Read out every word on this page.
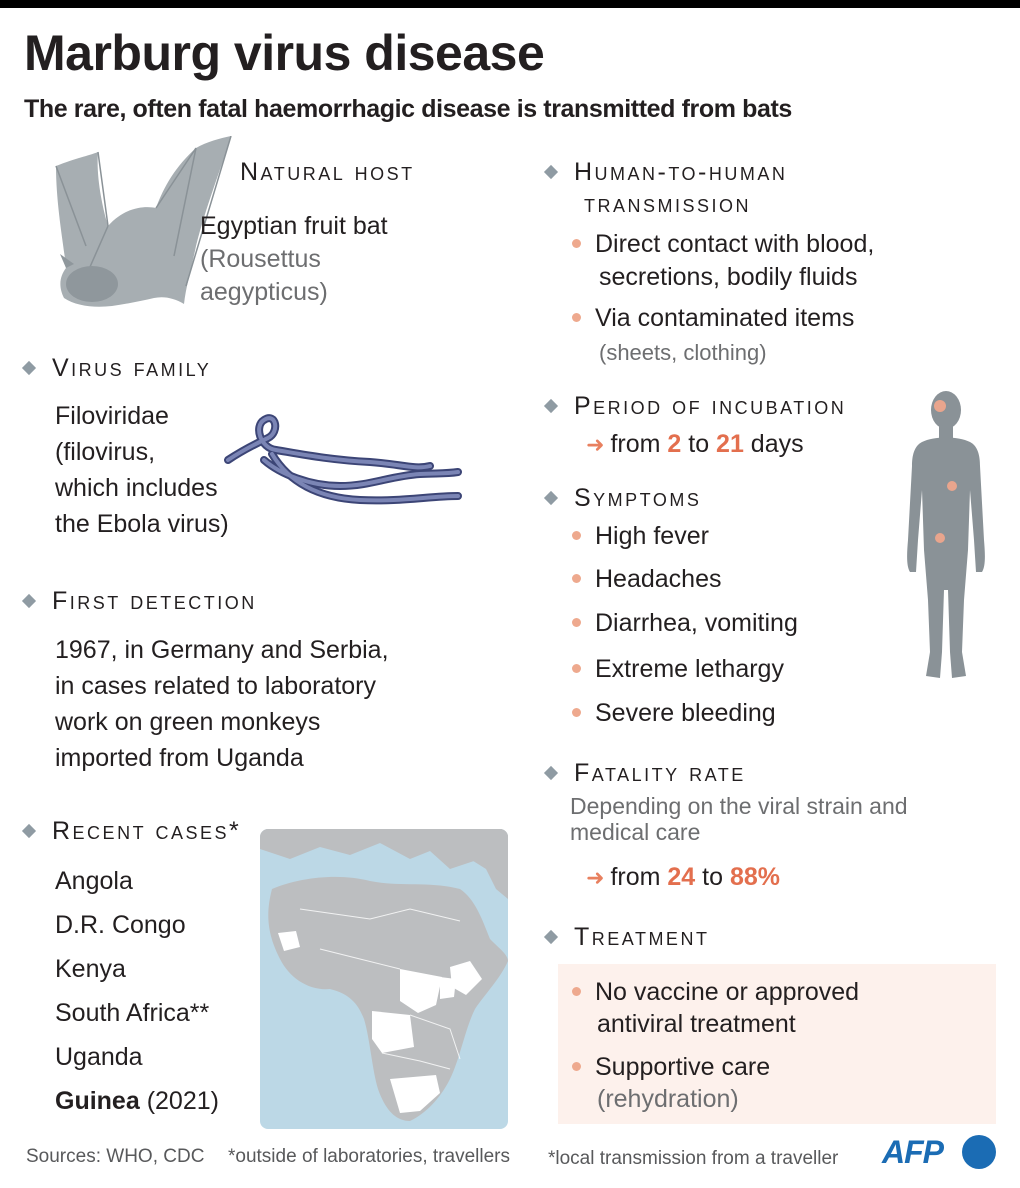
Marburg virus disease
The rare, often fatal haemorrhagic disease is transmitted from bats
Natural host
Egyptian fruit bat
(Rousettus
aegypticus)
Virus family
Filoviridae
(filovirus,
which includes
the Ebola virus)
First detection
1967, in Germany and Serbia,
in cases related to laboratory
work on green monkeys
imported from Uganda
Recent cases*
Angola
D.R. Congo
Kenya
South Africa**
Uganda
Guinea (2021)
Human-to-human
transmission
Direct contact with blood,
secretions, bodily fluids
Via contaminated items
(sheets, clothing)
Period of incubation
➜ from 2 to 21 days
Symptoms
High fever
Headaches
Diarrhea, vomiting
Extreme lethargy
Severe bleeding
Fatality rate
Depending on the viral strain and
medical care
➜ from 24 to 88%
Treatment
No vaccine or approved
antiviral treatment
Supportive care
(rehydration)
Sources: WHO, CDC *outside of laboratories, travellers *local transmission from a traveller AFP
